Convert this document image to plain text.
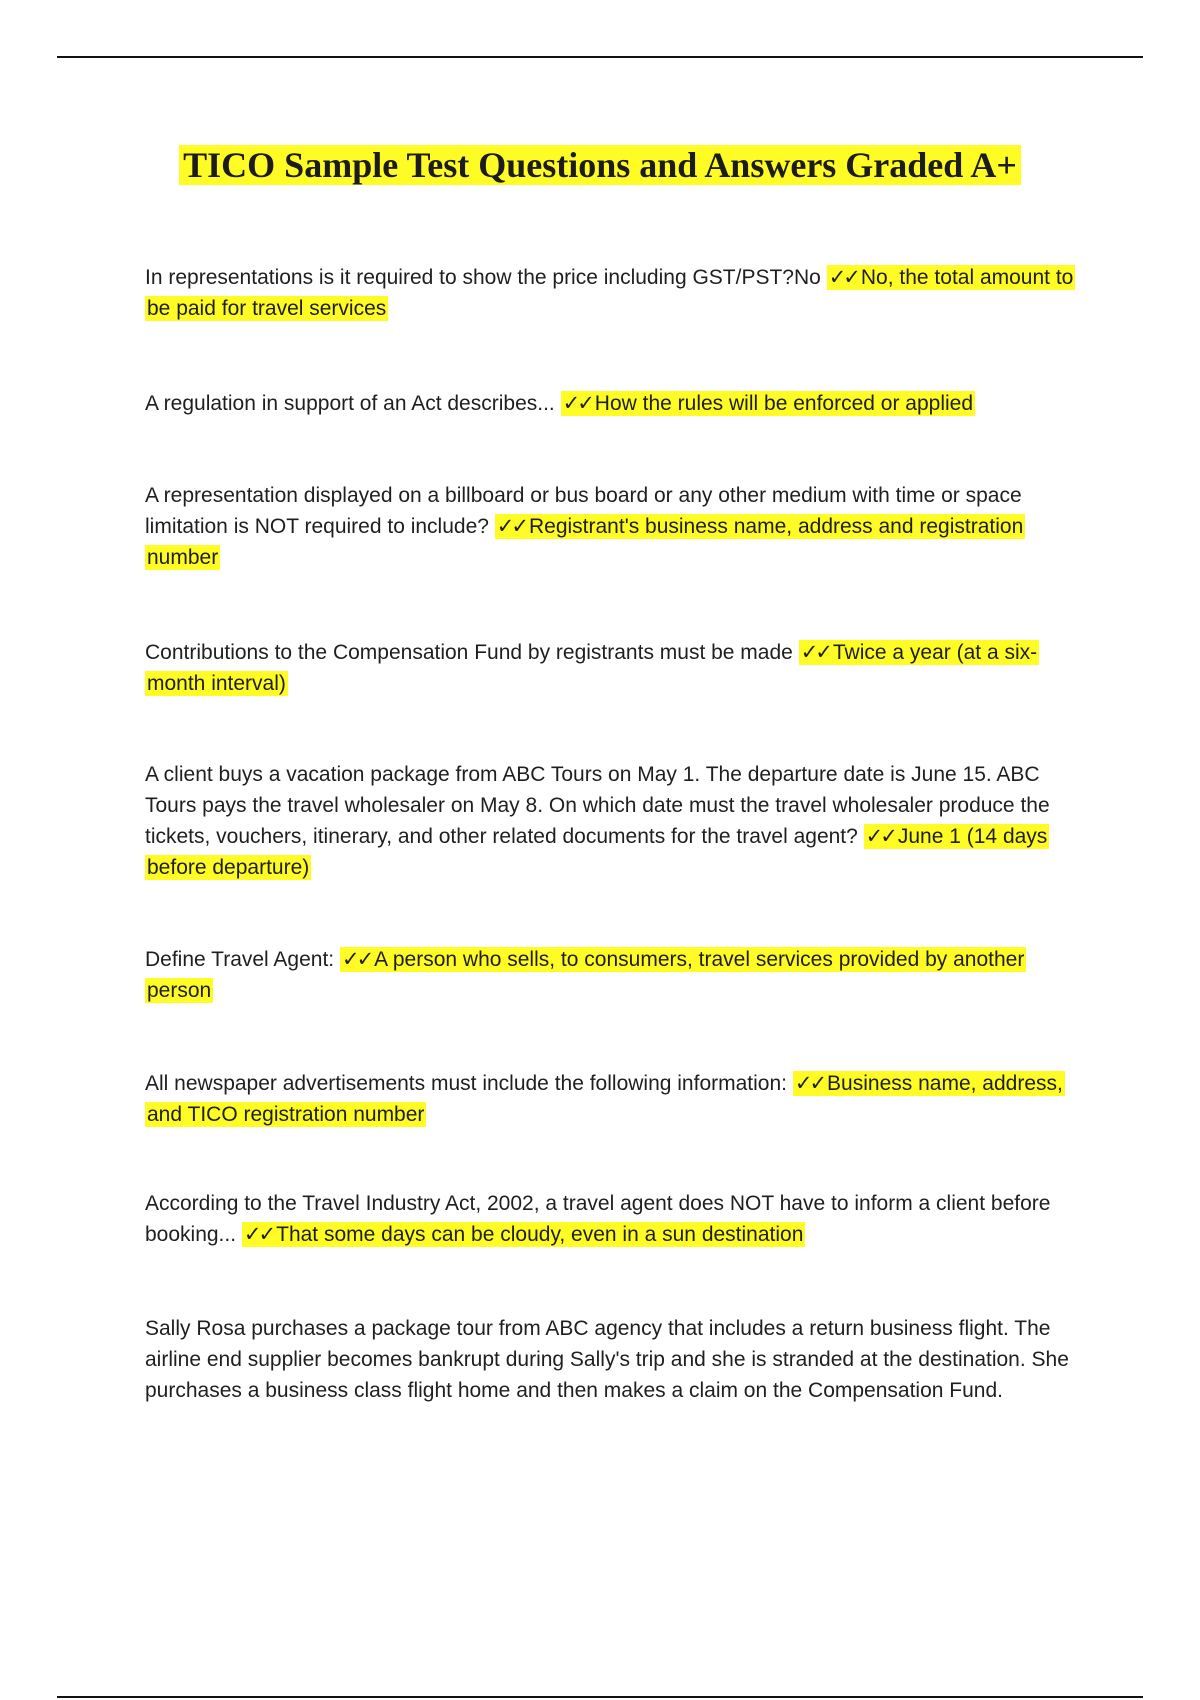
TICO Sample Test Questions and Answers Graded A+

In representations is it required to show the price including GST/PST?No ✓✓ No, the total amount to be paid for travel services

A regulation in support of an Act describes... ✓✓ How the rules will be enforced or applied

A representation displayed on a billboard or bus board or any other medium with time or space limitation is NOT required to include? ✓✓ Registrant's business name, address and registration number

Contributions to the Compensation Fund by registrants must be made ✓✓ Twice a year (at a six-month interval)

A client buys a vacation package from ABC Tours on May 1. The departure date is June 15. ABC Tours pays the travel wholesaler on May 8. On which date must the travel wholesaler produce the tickets, vouchers, itinerary, and other related documents for the travel agent? ✓✓ June 1 (14 days before departure)

Define Travel Agent: ✓✓ A person who sells, to consumers, travel services provided by another person

All newspaper advertisements must include the following information: ✓✓ Business name, address, and TICO registration number

According to the Travel Industry Act, 2002, a travel agent does NOT have to inform a client before booking... ✓✓ That some days can be cloudy, even in a sun destination

Sally Rosa purchases a package tour from ABC agency that includes a return business flight. The airline end supplier becomes bankrupt during Sally's trip and she is stranded at the destination. She purchases a business class flight home and then makes a claim on the Compensation Fund.
